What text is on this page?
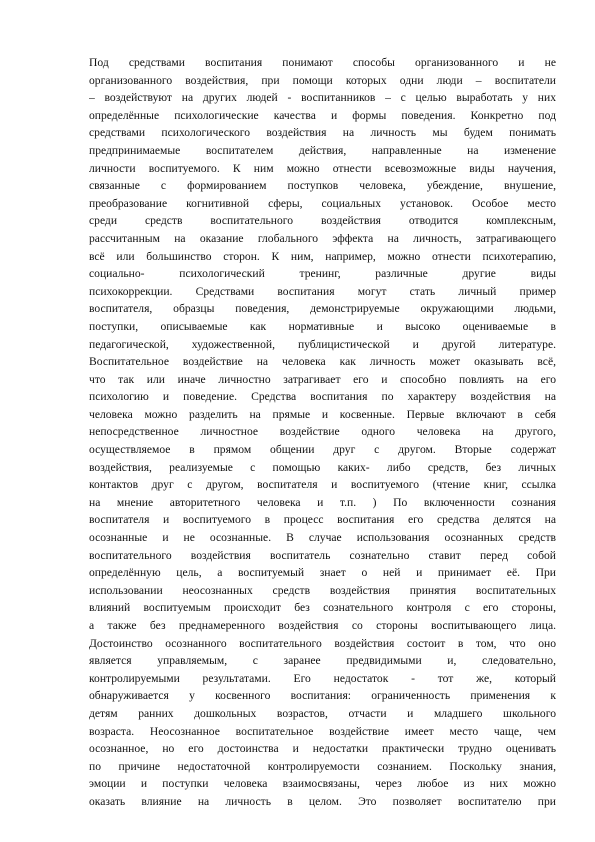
Под средствами воспитания понимают способы организованного и не
организованного воздействия, при помощи которых одни люди – воспитатели
– воздействуют на других людей - воспитанников – с целью выработать у них
определённые психологические качества и формы поведения. Конкретно под
средствами психологического воздействия на личность мы будем понимать
предпринимаемые воспитателем действия, направленные на изменение
личности воспитуемого. К ним можно отнести всевозможные виды научения,
связанные с формированием поступков человека, убеждение, внушение,
преобразование когнитивной сферы, социальных установок. Особое место
среди средств воспитательного воздействия отводится комплексным,
рассчитанным на оказание глобального эффекта на личность, затрагивающего
всё или большинство сторон. К ним, например, можно отнести психотерапию,
социально- психологический тренинг, различные другие виды
психокоррекции. Средствами воспитания могут стать личный пример
воспитателя, образцы поведения, демонстрируемые окружающими людьми,
поступки, описываемые как нормативные и высоко оцениваемые в
педагогической, художественной, публицистической и другой литературе.
Воспитательное воздействие на человека как личность может оказывать всё,
что так или иначе личностно затрагивает его и способно повлиять на его
психологию и поведение. Средства воспитания по характеру воздействия на
человека можно разделить на прямые и косвенные. Первые включают в себя
непосредственное личностное воздействие одного человека на другого,
осуществляемое в прямом общении друг с другом. Вторые содержат
воздействия, реализуемые с помощью каких- либо средств, без личных
контактов друг с другом, воспитателя и воспитуемого (чтение книг, ссылка
на мнение авторитетного человека и т.п. ) По включенности сознания
воспитателя и воспитуемого в процесс воспитания его средства делятся на
осознанные и не осознанные. В случае использования осознанных средств
воспитательного воздействия воспитатель сознательно ставит перед собой
определённую цель, а воспитуемый знает о ней и принимает её. При
использовании неосознанных средств воздействия принятия воспитательных
влияний воспитуемым происходит без сознательного контроля с его стороны,
а также без преднамеренного воздействия со стороны воспитывающего лица.
Достоинство осознанного воспитательного воздействия состоит в том, что оно
является управляемым, с заранее предвидимыми и, следовательно,
контролируемыми результатами. Его недостаток - тот же, который
обнаруживается у косвенного воспитания: ограниченность применения к
детям ранних дошкольных возрастов, отчасти и младшего школьного
возраста. Неосознанное воспитательное воздействие имеет место чаще, чем
осознанное, но его достоинства и недостатки практически трудно оценивать
по причине недостаточной контролируемости сознанием. Поскольку знания,
эмоции и поступки человека взаимосвязаны, через любое из них можно
оказать влияние на личность в целом. Это позволяет воспитателю при
